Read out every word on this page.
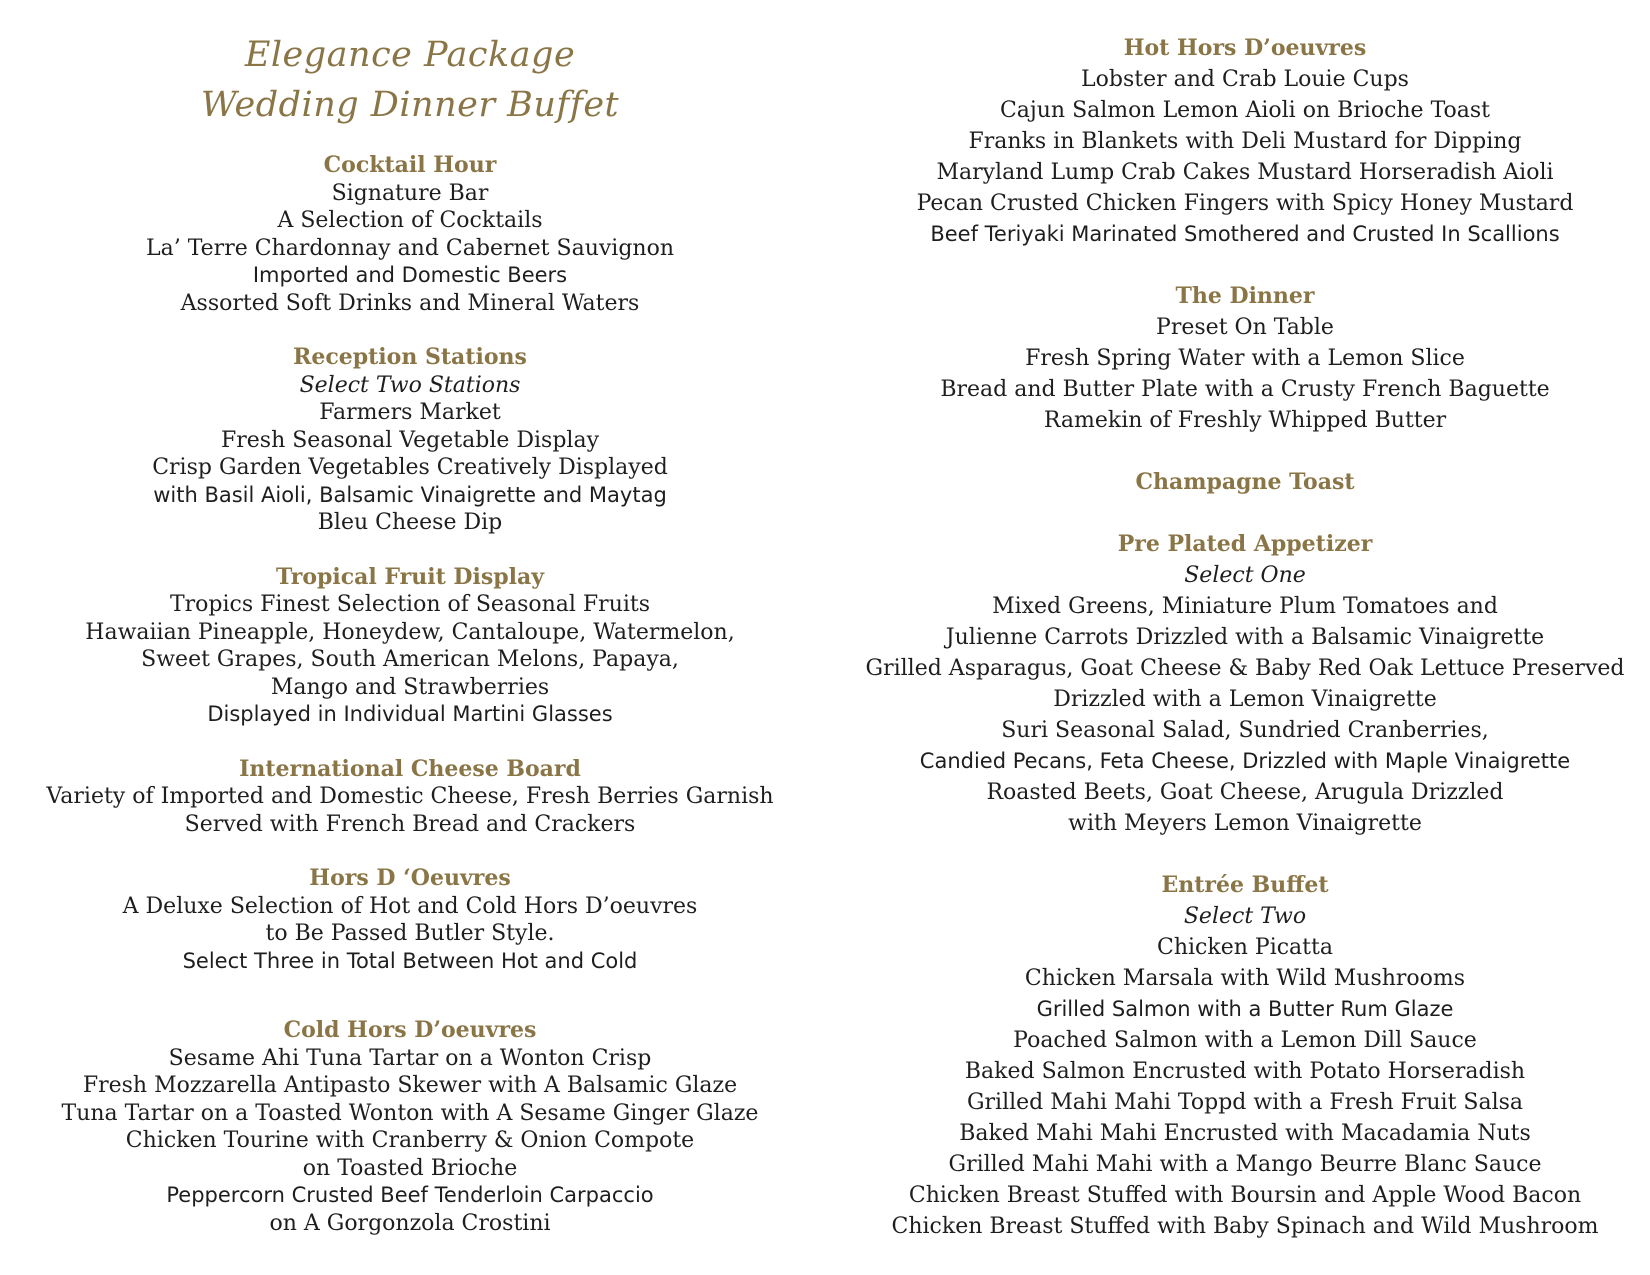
Elegance Package
Wedding Dinner Buffet
Cocktail Hour
Signature Bar
A Selection of Cocktails
La’ Terre Chardonnay and Cabernet Sauvignon
Imported and Domestic Beers
Assorted Soft Drinks and Mineral Waters
Reception Stations
Select Two Stations
Farmers Market
Fresh Seasonal Vegetable Display
Crisp Garden Vegetables Creatively Displayed
with Basil Aioli, Balsamic Vinaigrette and Maytag
Bleu Cheese Dip
Tropical Fruit Display
Tropics Finest Selection of Seasonal Fruits
Hawaiian Pineapple, Honeydew, Cantaloupe, Watermelon,
Sweet Grapes, South American Melons, Papaya,
Mango and Strawberries
Displayed in Individual Martini Glasses
International Cheese Board
Variety of Imported and Domestic Cheese, Fresh Berries Garnish
Served with French Bread and Crackers
Hors D ‘Oeuvres
A Deluxe Selection of Hot and Cold Hors D’oeuvres
to Be Passed Butler Style.
Select Three in Total Between Hot and Cold
Cold Hors D’oeuvres
Sesame Ahi Tuna Tartar on a Wonton Crisp
Fresh Mozzarella Antipasto Skewer with A Balsamic Glaze
Tuna Tartar on a Toasted Wonton with A Sesame Ginger Glaze
Chicken Tourine with Cranberry & Onion Compote
on Toasted Brioche
Peppercorn Crusted Beef Tenderloin Carpaccio
on A Gorgonzola Crostini
Hot Hors D’oeuvres
Lobster and Crab Louie Cups
Cajun Salmon Lemon Aioli on Brioche Toast
Franks in Blankets with Deli Mustard for Dipping
Maryland Lump Crab Cakes Mustard Horseradish Aioli
Pecan Crusted Chicken Fingers with Spicy Honey Mustard
Beef Teriyaki Marinated Smothered and Crusted In Scallions
The Dinner
Preset On Table
Fresh Spring Water with a Lemon Slice
Bread and Butter Plate with a Crusty French Baguette
Ramekin of Freshly Whipped Butter
Champagne Toast
Pre Plated Appetizer
Select One
Mixed Greens, Miniature Plum Tomatoes and
Julienne Carrots Drizzled with a Balsamic Vinaigrette
Grilled Asparagus, Goat Cheese & Baby Red Oak Lettuce Preserved
Drizzled with a Lemon Vinaigrette
Suri Seasonal Salad, Sundried Cranberries,
Candied Pecans, Feta Cheese, Drizzled with Maple Vinaigrette
Roasted Beets, Goat Cheese, Arugula Drizzled
with Meyers Lemon Vinaigrette
Entrée Buffet
Select Two
Chicken Picatta
Chicken Marsala with Wild Mushrooms
Grilled Salmon with a Butter Rum Glaze
Poached Salmon with a Lemon Dill Sauce
Baked Salmon Encrusted with Potato Horseradish
Grilled Mahi Mahi Toppd with a Fresh Fruit Salsa
Baked Mahi Mahi Encrusted with Macadamia Nuts
Grilled Mahi Mahi with a Mango Beurre Blanc Sauce
Chicken Breast Stuffed with Boursin and Apple Wood Bacon
Chicken Breast Stuffed with Baby Spinach and Wild Mushroom
